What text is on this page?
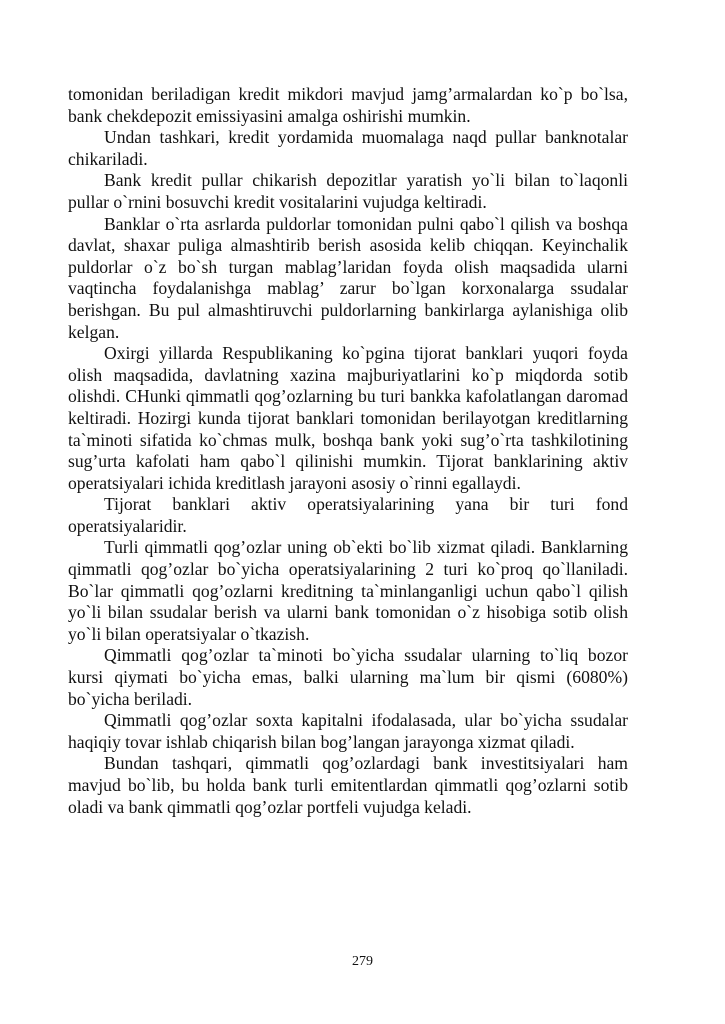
tomonidan beriladigan kredit mikdori mavjud jamg’armalardan ko`p bo`lsa, bank chekdepozit emissiyasini amalga oshirishi mumkin.

Undan tashkari, kredit yordamida muomalaga naqd pullar banknotalar chikariladi.

Bank kredit pullar chikarish depozitlar yaratish yo`li bilan to`laqonli pullar o`rnini bosuvchi kredit vositalarini vujudga keltiradi.

Banklar o`rta asrlarda puldorlar tomonidan pulni qabo`l qilish va boshqa davlat, shaxar puliga almashtirib berish asosida kelib chiqqan. Keyinchalik puldorlar o`z bo`sh turgan mablag’laridan foyda olish maqsadida ularni vaqtincha foydalanishga mablag’ zarur bo`lgan korxonalarga ssudalar berishgan. Bu pul almashtiruvchi puldorlarning bankirlarga aylanishiga olib kelgan.

Oxirgi yillarda Respublikaning ko`pgina tijorat banklari yuqori foyda olish maqsadida, davlatning xazina majburiyatlarini ko`p miqdorda sotib olishdi. CHunki qimmatli qog’ozlarning bu turi bankka kafolatlangan daromad keltiradi. Hozirgi kunda tijorat banklari tomonidan berilayotgan kreditlarning ta`minoti sifatida ko`chmas mulk, boshqa bank yoki sug’o`rta tashkilotining sug’urta kafolati ham qabo`l qilinishi mumkin. Tijorat banklarining aktiv operatsiyalari ichida kreditlash jarayoni asosiy o`rinni egallaydi.

Tijorat banklari aktiv operatsiyalarining yana bir turi fond operatsiyalaridir.

Turli qimmatli qog’ozlar uning ob`ekti bo`lib xizmat qiladi. Banklarning qimmatli qog’ozlar bo`yicha operatsiyalarining 2 turi ko`proq qo`llaniladi. Bo`lar qimmatli qog’ozlarni kreditning ta`minlanganligi uchun qabo`l qilish yo`li bilan ssudalar berish va ularni bank tomonidan o`z hisobiga sotib olish yo`li bilan operatsiyalar o`tkazish.

Qimmatli qog’ozlar ta`minoti bo`yicha ssudalar ularning to`liq bozor kursi qiymati bo`yicha emas, balki ularning ma`lum bir qismi (6080%) bo`yicha beriladi.

Qimmatli qog’ozlar soxta kapitalni ifodalasada, ular bo`yicha ssudalar haqiqiy tovar ishlab chiqarish bilan bog’langan jarayonga xizmat qiladi.

Bundan tashqari, qimmatli qog’ozlardagi bank investitsiyalari ham mavjud bo`lib, bu holda bank turli emitentlardan qimmatli qog’ozlarni sotib oladi va bank qimmatli qog’ozlar portfeli vujudga keladi.

279
